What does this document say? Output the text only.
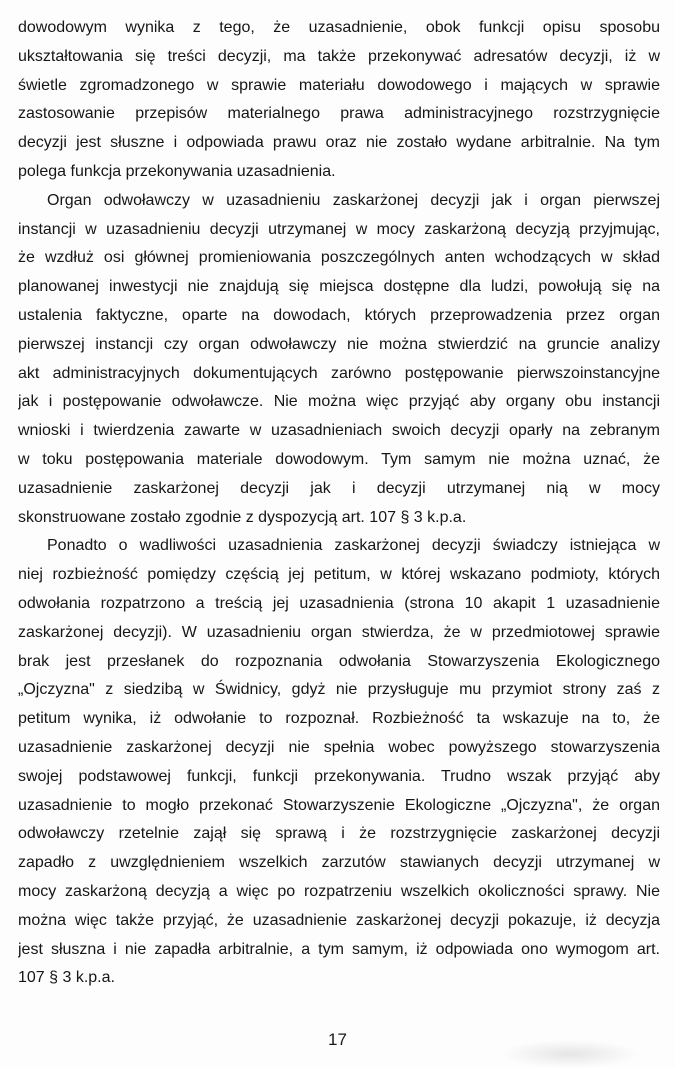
dowodowym wynika z tego, że uzasadnienie, obok funkcji opisu sposobu
ukształtowania się treści decyzji, ma także przekonywać adresatów decyzji, iż w
świetle zgromadzonego w sprawie materiału dowodowego i mających w sprawie
zastosowanie przepisów materialnego prawa administracyjnego rozstrzygnięcie
decyzji jest słuszne i odpowiada prawu oraz nie zostało wydane arbitralnie. Na tym
polega funkcja przekonywania uzasadnienia.
Organ odwoławczy w uzasadnieniu zaskarżonej decyzji jak i organ pierwszej
instancji w uzasadnieniu decyzji utrzymanej w mocy zaskarżoną decyzją przyjmując,
że wzdłuż osi głównej promieniowania poszczególnych anten wchodzących w skład
planowanej inwestycji nie znajdują się miejsca dostępne dla ludzi, powołują się na
ustalenia faktyczne, oparte na dowodach, których przeprowadzenia przez organ
pierwszej instancji czy organ odwoławczy nie można stwierdzić na gruncie analizy
akt administracyjnych dokumentujących zarówno postępowanie pierwszoinstancyjne
jak i postępowanie odwoławcze. Nie można więc przyjąć aby organy obu instancji
wnioski i twierdzenia zawarte w uzasadnieniach swoich decyzji oparły na zebranym
w toku postępowania materiale dowodowym. Tym samym nie można uznać, że
uzasadnienie zaskarżonej decyzji jak i decyzji utrzymanej nią w mocy
skonstruowane zostało zgodnie z dyspozycją art. 107 § 3 k.p.a.
Ponadto o wadliwości uzasadnienia zaskarżonej decyzji świadczy istniejąca w
niej rozbieżność pomiędzy częścią jej petitum, w której wskazano podmioty, których
odwołania rozpatrzono a treścią jej uzasadnienia (strona 10 akapit 1 uzasadnienie
zaskarżonej decyzji). W uzasadnieniu organ stwierdza, że w przedmiotowej sprawie
brak jest przesłanek do rozpoznania odwołania Stowarzyszenia Ekologicznego
„Ojczyzna" z siedzibą w Świdnicy, gdyż nie przysługuje mu przymiot strony zaś z
petitum wynika, iż odwołanie to rozpoznał. Rozbieżność ta wskazuje na to, że
uzasadnienie zaskarżonej decyzji nie spełnia wobec powyższego stowarzyszenia
swojej podstawowej funkcji, funkcji przekonywania. Trudno wszak przyjąć aby
uzasadnienie to mogło przekonać Stowarzyszenie Ekologiczne „Ojczyzna", że organ
odwoławczy rzetelnie zajął się sprawą i że rozstrzygnięcie zaskarżonej decyzji
zapadło z uwzględnieniem wszelkich zarzutów stawianych decyzji utrzymanej w
mocy zaskarżoną decyzją a więc po rozpatrzeniu wszelkich okoliczności sprawy. Nie
można więc także przyjąć, że uzasadnienie zaskarżonej decyzji pokazuje, iż decyzja
jest słuszna i nie zapadła arbitralnie, a tym samym, iż odpowiada ono wymogom art.
107 § 3 k.p.a.
17
